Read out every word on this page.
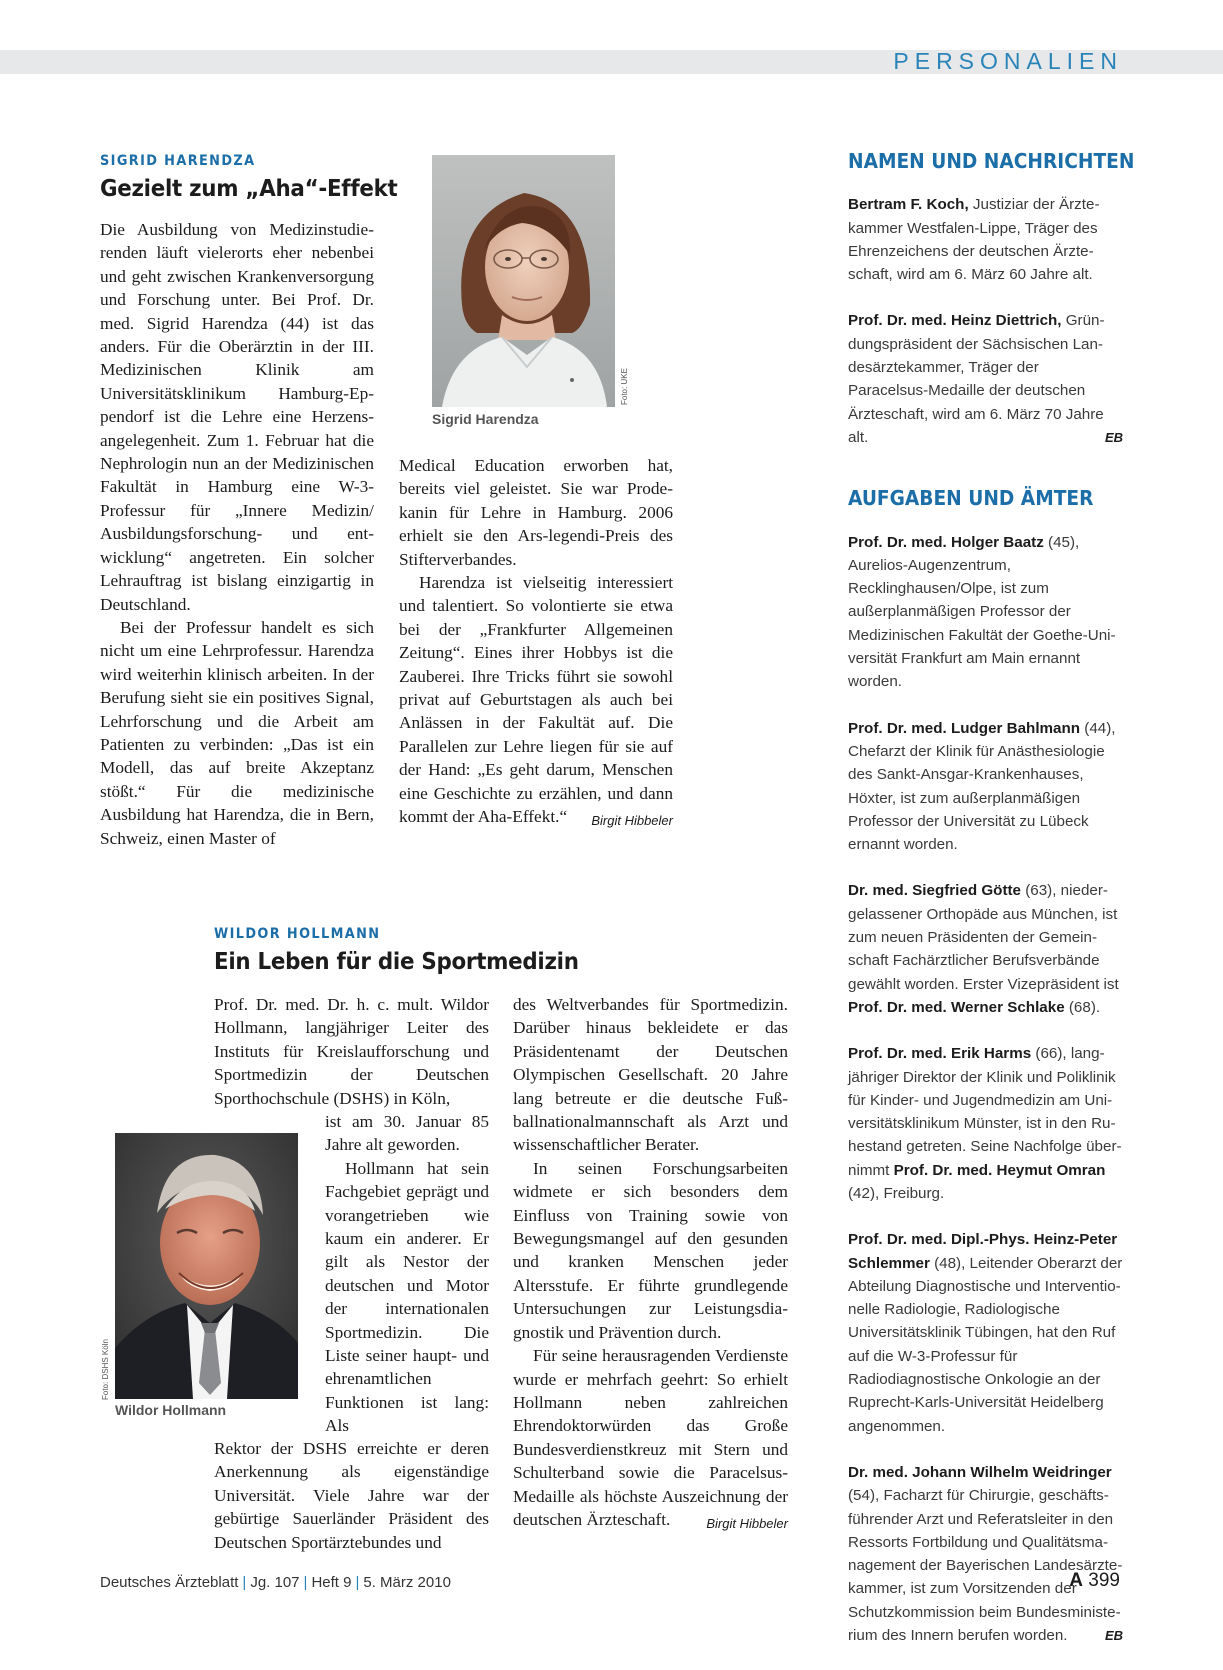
PERSONALIEN
SIGRID HARENDZA
Gezielt zum „Aha“-Effekt

Die Ausbildung von Medizinstudierenden läuft vielerorts eher nebenbei und geht zwischen Krankenversorgung und Forschung unter. Bei Prof. Dr. med. Sigrid Harendza (44) ist das anders. Für die Oberärztin in der III. Medizinischen Klinik am Universitätsklinikum Hamburg-Eppendorf ist die Lehre eine Herzensangelegenheit. Zum 1. Februar hat die Nephrologin nun an der Medizinischen Fakultät in Hamburg eine W-3-Professur für „Innere Medizin/ Ausbildungsforschung- und entwicklung“ angetreten. Ein solcher Lehrauftrag ist bislang einzigartig in Deutschland.

Bei der Professur handelt es sich nicht um eine Lehrprofessur. Harendza wird weiterhin klinisch arbeiten. In der Berufung sieht sie ein positives Signal, Lehrforschung und die Arbeit am Patienten zu verbinden: „Das ist ein Modell, das auf breite Akzeptanz stößt.“ Für die medizinische Ausbildung hat Harendza, die in Bern, Schweiz, einen Master of

Foto: UKE
Sigrid Harendza

Medical Education erworben hat, bereits viel geleistet. Sie war Prodekanin für Lehre in Hamburg. 2006 erhielt sie den Ars-legendi-Preis des Stifterverbandes.

Harendza ist vielseitig interessiert und talentiert. So volontierte sie etwa bei der „Frankfurter Allgemeinen Zeitung“. Eines ihrer Hobbys ist die Zauberei. Ihre Tricks führt sie sowohl privat auf Geburtstagen als auch bei Anlässen in der Fakultät auf. Die Parallelen zur Lehre liegen für sie auf der Hand: „Es geht darum, Menschen eine Geschichte zu erzählen, und dann kommt der Aha-Effekt.“	Birgit Hibbeler

WILDOR HOLLMANN
Ein Leben für die Sportmedizin

Prof. Dr. med. Dr. h. c. mult. Wildor Hollmann, langjähriger Leiter des Instituts für Kreislaufforschung und Sportmedizin der Deutschen Sporthochschule (DSHS) in Köln,

Foto: DSHS Köln
Wildor Hollmann

ist am 30. Januar 85 Jahre alt geworden.

Hollmann hat sein Fachgebiet geprägt und vorangetrieben wie kaum ein anderer. Er gilt als Nestor der deutschen und Motor der internationalen Sportmedizin. Die Liste seiner haupt- und ehrenamtlichen Funktionen ist lang: Als

Rektor der DSHS erreichte er deren Anerkennung als eigenständige Universität. Viele Jahre war der gebürtige Sauerländer Präsident des Deutschen Sportärztebundes und

des Weltverbandes für Sportmedizin. Darüber hinaus bekleidete er das Präsidentenamt der Deutschen Olympischen Gesellschaft. 20 Jahre lang betreute er die deutsche Fußballnationalmannschaft als Arzt und wissenschaftlicher Berater.

In seinen Forschungsarbeiten widmete er sich besonders dem Einfluss von Training sowie von Bewegungsmangel auf den gesunden und kranken Menschen jeder Altersstufe. Er führte grundlegende Untersuchungen zur Leistungsdiagnostik und Prävention durch.

Für seine herausragenden Verdienste wurde er mehrfach geehrt: So erhielt Hollmann neben zahlreichen Ehrendoktorwürden das Große Bundesverdienstkreuz mit Stern und Schulterband sowie die Paracelsus-Medaille als höchste Auszeichnung der deutschen Ärzteschaft.	Birgit Hibbeler

NAMEN UND NACHRICHTEN

Bertram F. Koch, Justiziar der Ärztekammer Westfalen-Lippe, Träger des Ehrenzeichens der deutschen Ärzteschaft, wird am 6. März 60 Jahre alt.

Prof. Dr. med. Heinz Diettrich, Gründungspräsident der Sächsischen Landesärztekammer, Träger der Paracelsus-Medaille der deutschen Ärzteschaft, wird am 6. März 70 Jahre alt.	EB

AUFGABEN UND ÄMTER

Prof. Dr. med. Holger Baatz (45), Aurelios-Augenzentrum, Recklinghausen/Olpe, ist zum außerplanmäßigen Professor der Medizinischen Fakultät der Goethe-Universität Frankfurt am Main ernannt worden.

Prof. Dr. med. Ludger Bahlmann (44), Chefarzt der Klinik für Anästhesiologie des Sankt-Ansgar-Krankenhauses, Höxter, ist zum außerplanmäßigen Professor der Universität zu Lübeck ernannt worden.

Dr. med. Siegfried Götte (63), niedergelassener Orthopäde aus München, ist zum neuen Präsidenten der Gemeinschaft Fachärztlicher Berufsverbände gewählt worden. Erster Vizepräsident ist Prof. Dr. med. Werner Schlake (68).

Prof. Dr. med. Erik Harms (66), langjähriger Direktor der Klinik und Poliklinik für Kinder- und Jugendmedizin am Universitätsklinikum Münster, ist in den Ruhestand getreten. Seine Nachfolge übernimmt Prof. Dr. med. Heymut Omran (42), Freiburg.

Prof. Dr. med. Dipl.-Phys. Heinz-Peter Schlemmer (48), Leitender Oberarzt der Abteilung Diagnostische und Interventionelle Radiologie, Radiologische Universitätsklinik Tübingen, hat den Ruf auf die W-3-Professur für Radiodiagnostische Onkologie an der Ruprecht-Karls-Universität Heidelberg angenommen.

Dr. med. Johann Wilhelm Weidringer (54), Facharzt für Chirurgie, geschäftsführender Arzt und Referatsleiter in den Ressorts Fortbildung und Qualitätsmanagement der Bayerischen Landesärztekammer, ist zum Vorsitzenden der Schutzkommission beim Bundesministerium des Innern berufen worden.	EB

Deutsches Ärzteblatt | Jg. 107 | Heft 9 | 5. März 2010	A 399
